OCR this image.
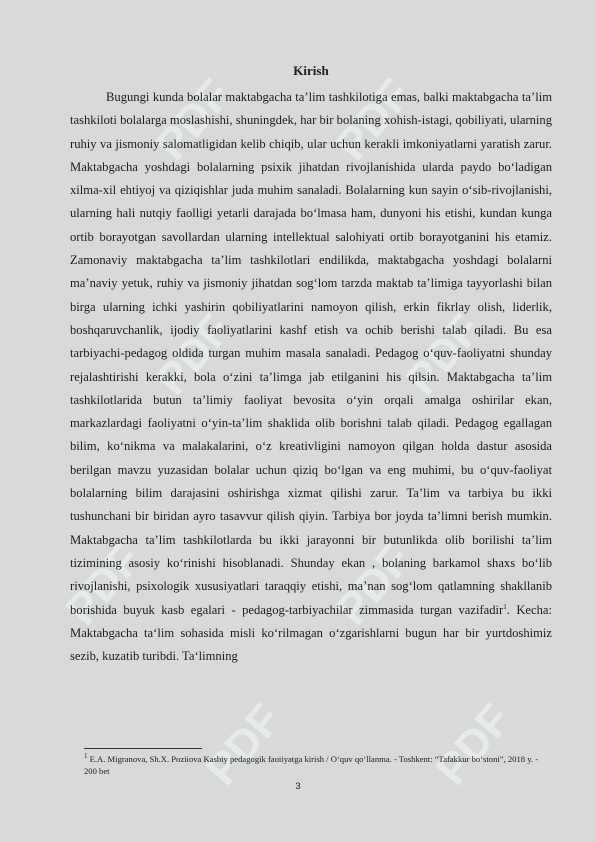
PDF PDF
PDF	PDF
PDF	PDF
PDF	PDF
Kirish

Bugungi kunda bolalar maktabgacha ta’lim tashkilotiga emas, balki maktabgacha ta’lim tashkiloti bolalarga moslashishi, shuningdek, har bir bolaning xohish-istagi, qobiliyati, ularning ruhiy va jismoniy salomatligidan kelib chiqib, ular uchun kerakli imkoniyatlarni yaratish zarur. Maktabgacha yoshdagi bolalarning psixik jihatdan rivojlanishida ularda paydo bo‘ladigan xilma-xil ehtiyoj va qiziqishlar juda muhim sanaladi. Bolalarning kun sayin o‘sib-rivojlanishi, ularning hali nutqiy faolligi yetarli darajada bo‘lmasa ham, dunyoni his etishi, kundan kunga ortib borayotgan savollardan ularning intellektual salohiyati ortib borayotganini his etamiz. Zamonaviy maktabgacha ta’lim tashkilotlari endilikda, maktabgacha yoshdagi bolalarni ma’naviy yetuk, ruhiy va jismoniy jihatdan sog‘lom tarzda maktab ta’limiga tayyorlashi bilan birga ularning ichki yashirin qobiliyatlarini namoyon qilish, erkin fikrlay olish, liderlik, boshqaruvchanlik, ijodiy faoliyatlarini kashf etish va ochib berishi talab qiladi. Bu esa tarbiyachi-pedagog oldida turgan muhim masala sanaladi. Pedagog o‘quv-faoliyatni shunday rejalashtirishi kerakki, bola o‘zini ta’limga jab etilganini his qilsin. Maktabgacha ta’lim tashkilotlarida butun ta’limiy faoliyat bevosita o‘yin orqali amalga oshirilar ekan, markazlardagi faoliyatni o‘yin-ta’lim shaklida olib borishni talab qiladi. Pedagog egallagan bilim, ko‘nikma va malakalarini, o‘z kreativligini namoyon qilgan holda dastur asosida berilgan mavzu yuzasidan bolalar uchun qiziq bo‘lgan va eng muhimi, bu o‘quv-faoliyat bolalarning bilim darajasini oshirishga xizmat qilishi zarur. Ta’lim va tarbiya bu ikki tushunchani bir biridan ayro tasavvur qilish qiyin. Tarbiya bor joyda ta’limni berish mumkin. Maktabgacha ta’lim tashkilotlarda bu ikki jarayonni bir butunlikda olib borilishi ta’lim tizimining asosiy ko‘rinishi hisoblanadi. Shunday ekan , bolaning barkamol shaxs bo‘lib rivojlanishi, psixologik xususiyatlari taraqqiy etishi, ma’nan sog‘lom qatlamning shakllanib borishida buyuk kasb egalari - pedagog-tarbiyachilar zimmasida turgan vazifadir$^1$. Kecha: Maktabgacha ta‘lim sohasida misli ko‘rilmagan o‘zgarishlarni bugun har bir yurtdoshimiz sezib, kuzatib turibdi. Ta‘limning

$^1$ E.A. Migranova, Sh.X. Poziiova Kasbiy pedagogik faoiiyatga kirish / O‘quv qo‘llanma. - Toshkent: “Tafakkur bo‘stoni”, 2018 y. - 200 bet
3
